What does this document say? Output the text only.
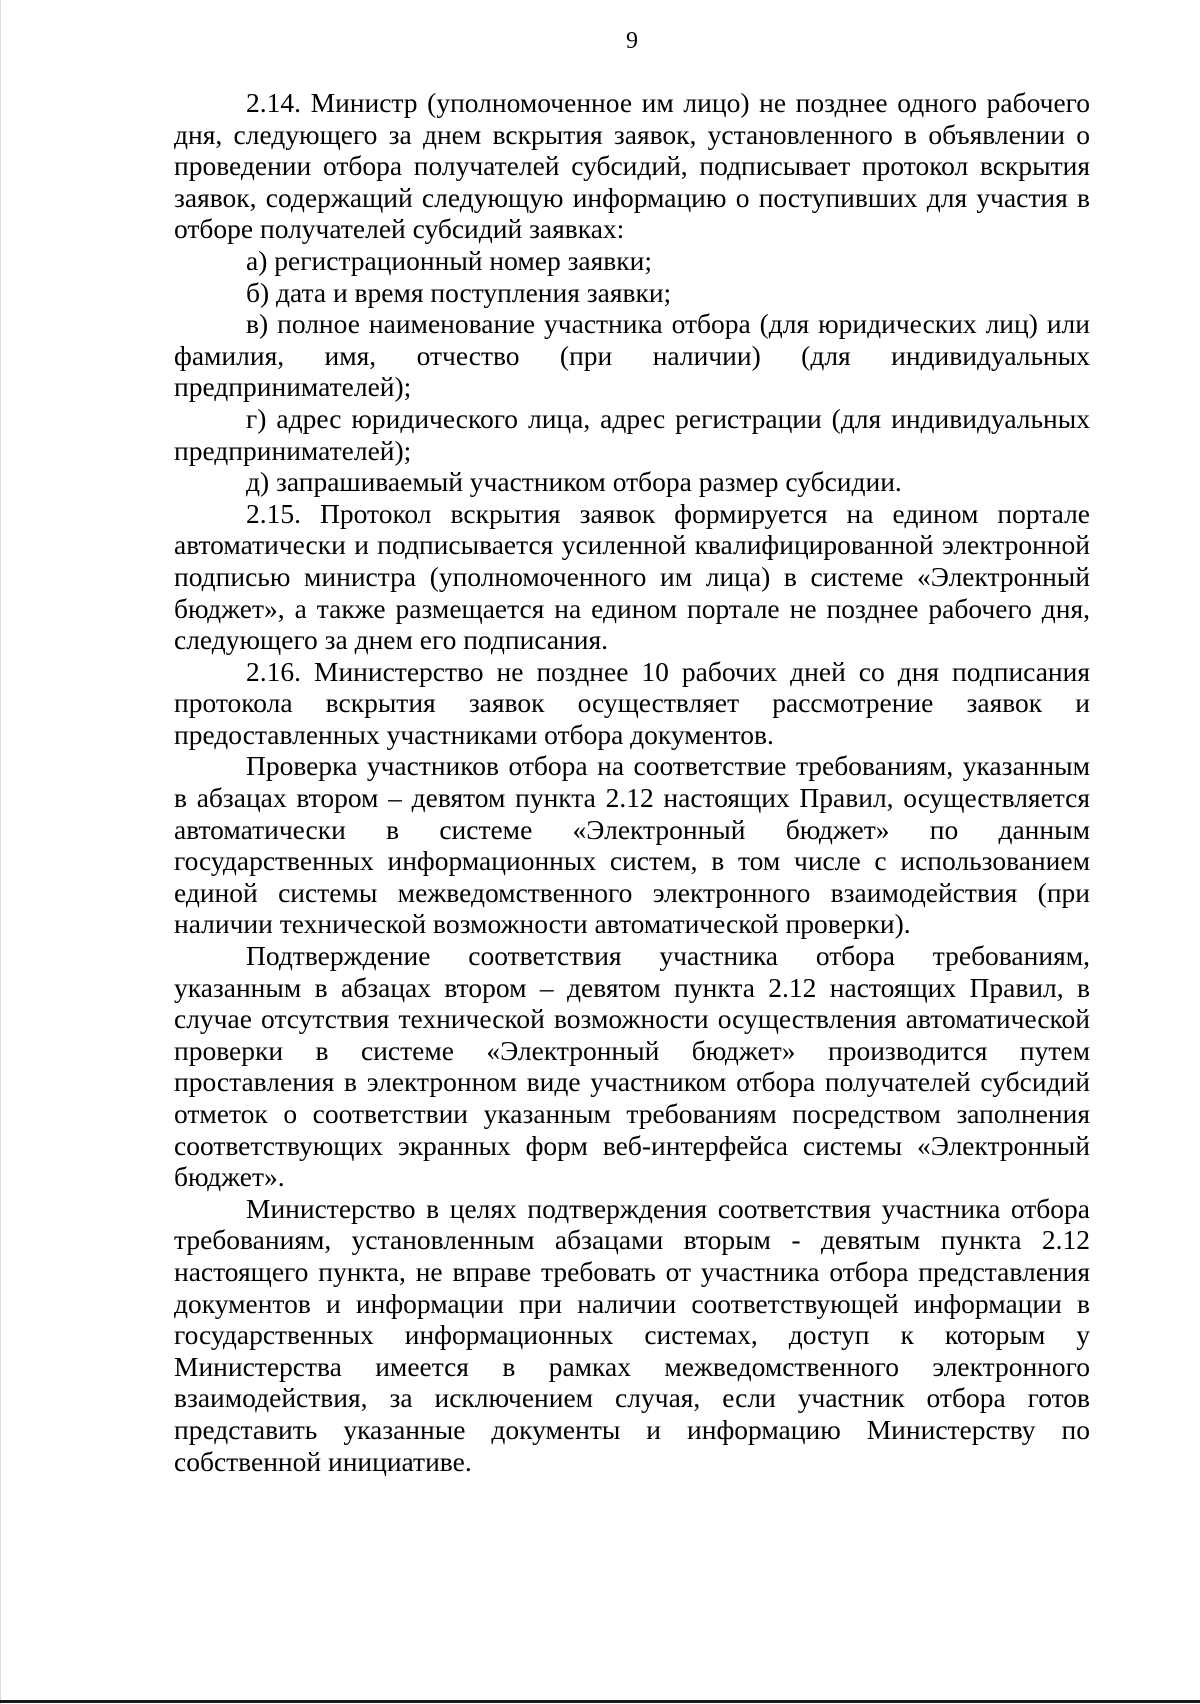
9

2.14. Министр (уполномоченное им лицо) не позднее одного рабочего дня, следующего за днем вскрытия заявок, установленного в объявлении о проведении отбора получателей субсидий, подписывает протокол вскрытия заявок, содержащий следующую информацию о поступивших для участия в отборе получателей субсидий заявках:

а) регистрационный номер заявки;

б) дата и время поступления заявки;

в) полное наименование участника отбора (для юридических лиц) или фамилия, имя, отчество (при наличии) (для индивидуальных предпринимателей);

г) адрес юридического лица, адрес регистрации (для индивидуальных предпринимателей);

д) запрашиваемый участником отбора размер субсидии.

2.15. Протокол вскрытия заявок формируется на едином портале автоматически и подписывается усиленной квалифицированной электронной подписью министра (уполномоченного им лица) в системе «Электронный бюджет», а также размещается на едином портале не позднее рабочего дня, следующего за днем его подписания.

2.16. Министерство не позднее 10 рабочих дней со дня подписания протокола вскрытия заявок осуществляет рассмотрение заявок и предоставленных участниками отбора документов.

Проверка участников отбора на соответствие требованиям, указанным в абзацах втором – девятом пункта 2.12 настоящих Правил, осуществляется автоматически в системе «Электронный бюджет» по данным государственных информационных систем, в том числе с использованием единой системы межведомственного электронного взаимодействия (при наличии технической возможности автоматической проверки).

Подтверждение соответствия участника отбора требованиям, указанным в абзацах втором – девятом пункта 2.12 настоящих Правил, в случае отсутствия технической возможности осуществления автоматической проверки в системе «Электронный бюджет» производится путем проставления в электронном виде участником отбора получателей субсидий отметок о соответствии указанным требованиям посредством заполнения соответствующих экранных форм веб-интерфейса системы «Электронный бюджет».

Министерство в целях подтверждения соответствия участника отбора требованиям, установленным абзацами вторым - девятым пункта 2.12 настоящего пункта, не вправе требовать от участника отбора представления документов и информации при наличии соответствующей информации в государственных информационных системах, доступ к которым у Министерства имеется в рамках межведомственного электронного взаимодействия, за исключением случая, если участник отбора готов представить указанные документы и информацию Министерству по собственной инициативе.
